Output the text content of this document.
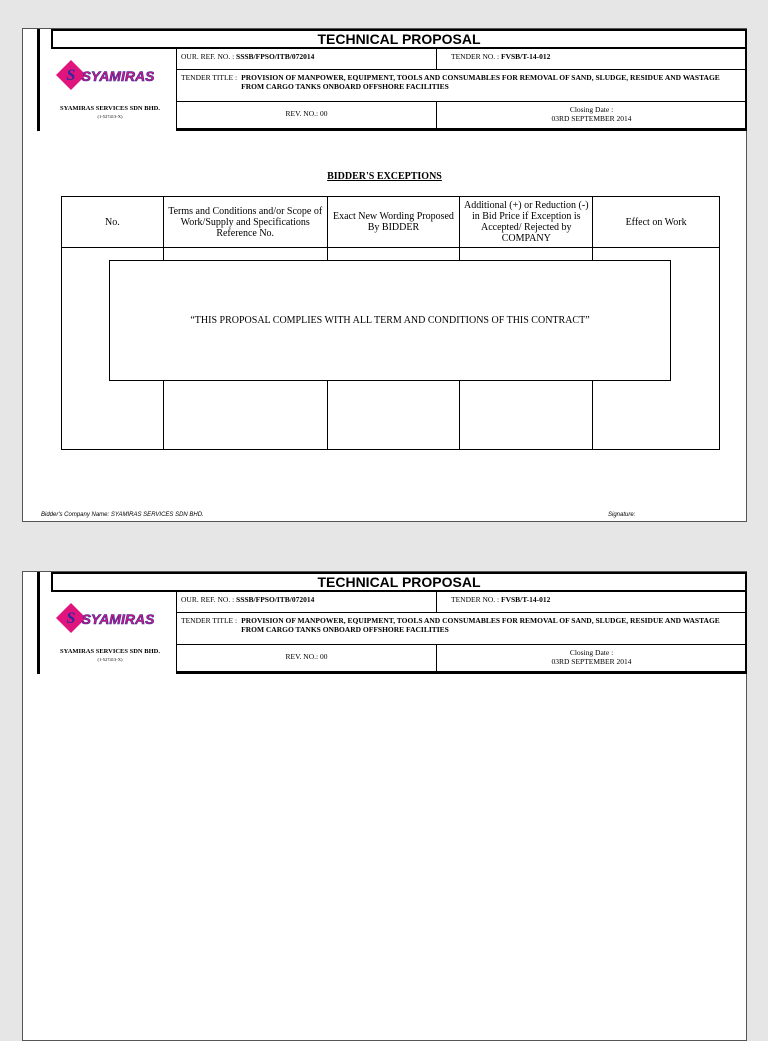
TECHNICAL PROPOSAL
S SYAMIRAS
SYAMIRAS SERVICES SDN BHD.
(1-527413-X)
OUR. REF. NO. : SSSB/FPSO/ITB/072014	TENDER NO. : FVSB/T-14-012
TENDER TITLE : PROVISION OF MANPOWER, EQUIPMENT, TOOLS AND CONSUMABLES FOR REMOVAL OF SAND, SLUDGE, RESIDUE AND WASTAGE FROM CARGO TANKS ONBOARD OFFSHORE FACILITIES
REV. NO.: 00	Closing Date :
03RD SEPTEMBER 2014
BIDDER'S EXCEPTIONS
No.	Terms and Conditions and/or Scope of Work/Supply and Specifications Reference No.	Exact New Wording Proposed By BIDDER	Additional (+) or Reduction (-) in Bid Price if Exception is Accepted/ Rejected by COMPANY	Effect on Work

“THIS PROPOSAL COMPLIES WITH ALL TERM AND CONDITIONS OF THIS CONTRACT”
Bidder's Company Name: SYAMIRAS SERVICES SDN BHD.	Signature:
TECHNICAL PROPOSAL
S SYAMIRAS
SYAMIRAS SERVICES SDN BHD.
(1-527413-X)
OUR. REF. NO. : SSSB/FPSO/ITB/072014	TENDER NO. : FVSB/T-14-012
TENDER TITLE : PROVISION OF MANPOWER, EQUIPMENT, TOOLS AND CONSUMABLES FOR REMOVAL OF SAND, SLUDGE, RESIDUE AND WASTAGE FROM CARGO TANKS ONBOARD OFFSHORE FACILITIES
REV. NO.: 00	Closing Date :
03RD SEPTEMBER 2014
